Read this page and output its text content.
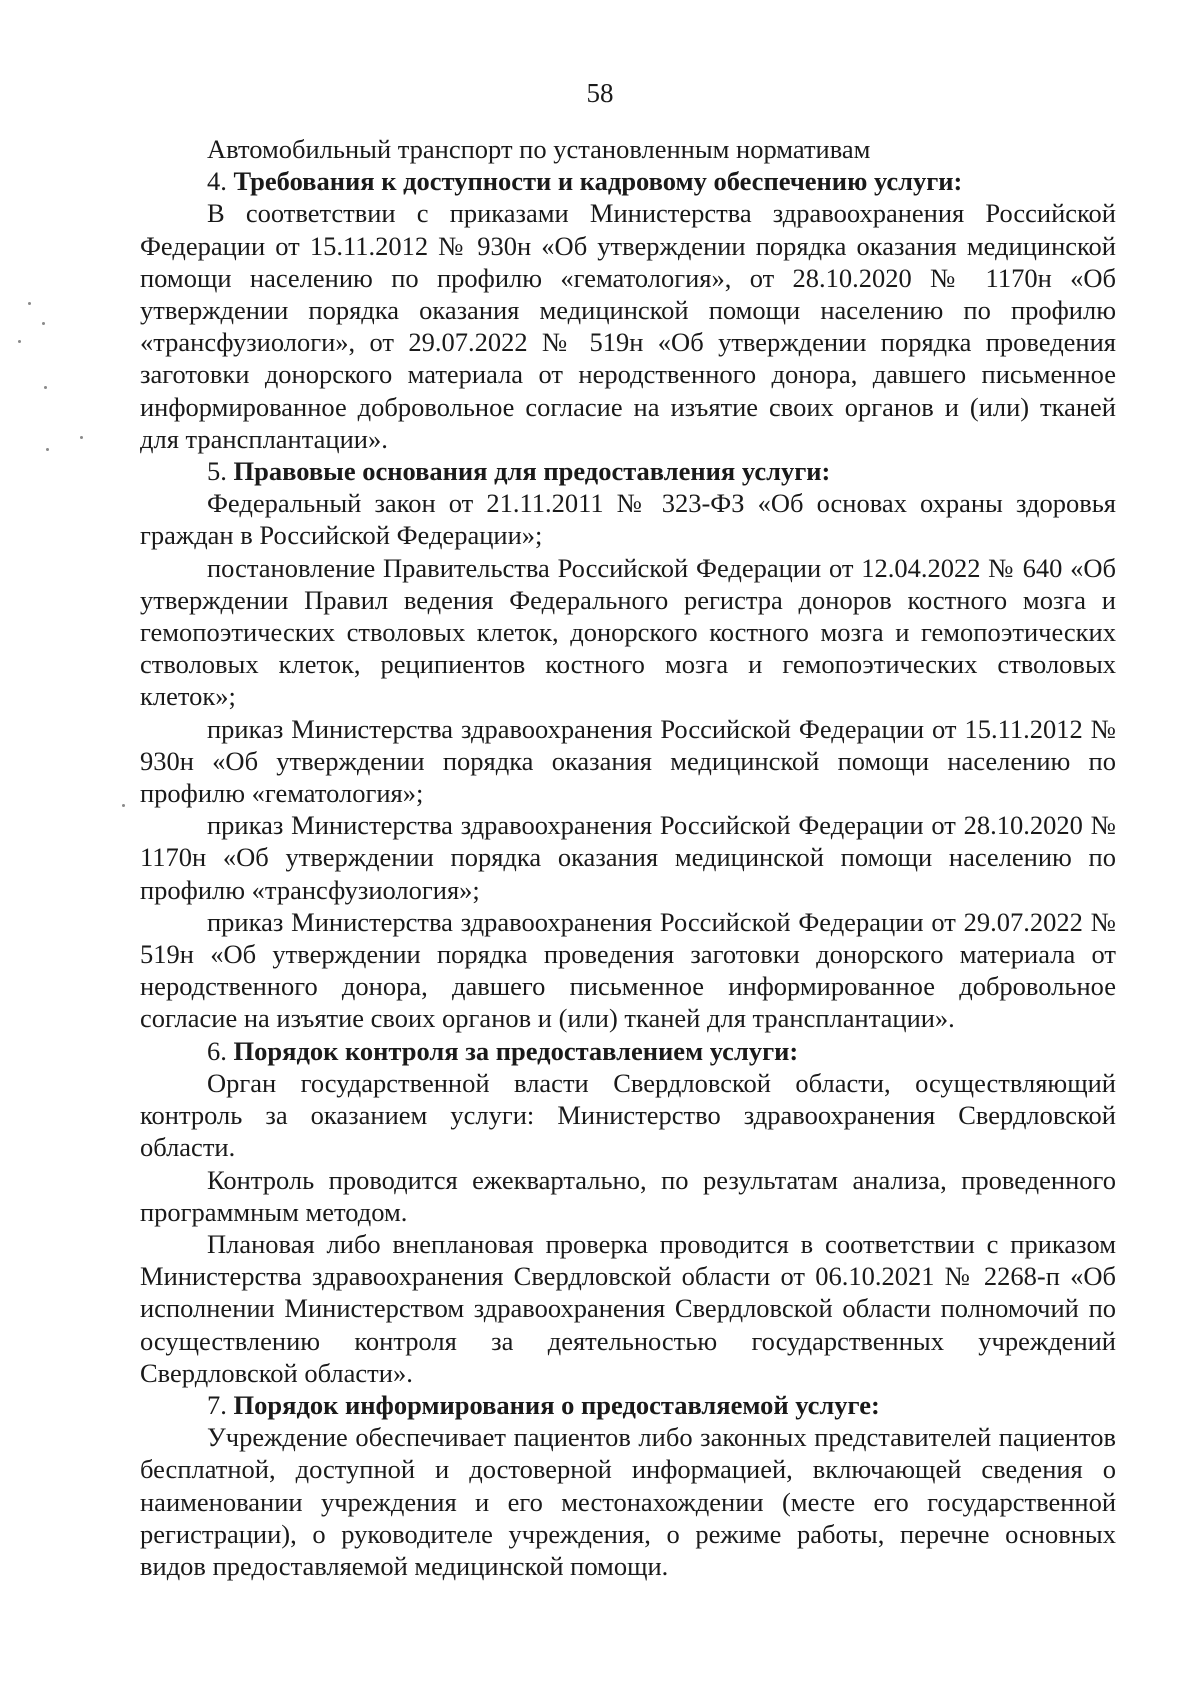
58

Автомобильный транспорт по установленным нормативам

4. Требования к доступности и кадровому обеспечению услуги:

В соответствии с приказами Министерства здравоохранения Российской Федерации от 15.11.2012 № 930н «Об утверждении порядка оказания медицинской помощи населению по профилю «гематология», от 28.10.2020 № 1170н «Об утверждении порядка оказания медицинской помощи населению по профилю «трансфузиологи», от 29.07.2022 № 519н «Об утверждении порядка проведения заготовки донорского материала от неродственного донора, давшего письменное информированное добровольное согласие на изъятие своих органов и (или) тканей для трансплантации».

5. Правовые основания для предоставления услуги:

Федеральный закон от 21.11.2011 № 323-ФЗ «Об основах охраны здоровья граждан в Российской Федерации»;

постановление Правительства Российской Федерации от 12.04.2022 № 640 «Об утверждении Правил ведения Федерального регистра доноров костного мозга и гемопоэтических стволовых клеток, донорского костного мозга и гемопоэтических стволовых клеток, реципиентов костного мозга и гемопоэтических стволовых клеток»;

приказ Министерства здравоохранения Российской Федерации от 15.11.2012 № 930н «Об утверждении порядка оказания медицинской помощи населению по профилю «гематология»;

приказ Министерства здравоохранения Российской Федерации от 28.10.2020 № 1170н «Об утверждении порядка оказания медицинской помощи населению по профилю «трансфузиология»;

приказ Министерства здравоохранения Российской Федерации от 29.07.2022 № 519н «Об утверждении порядка проведения заготовки донорского материала от неродственного донора, давшего письменное информированное добровольное согласие на изъятие своих органов и (или) тканей для трансплантации».

6. Порядок контроля за предоставлением услуги:

Орган государственной власти Свердловской области, осуществляющий контроль за оказанием услуги: Министерство здравоохранения Свердловской области.

Контроль проводится ежеквартально, по результатам анализа, проведенного программным методом.

Плановая либо внеплановая проверка проводится в соответствии с приказом Министерства здравоохранения Свердловской области от 06.10.2021 № 2268-п «Об исполнении Министерством здравоохранения Свердловской области полномочий по осуществлению контроля за деятельностью государственных учреждений Свердловской области».

7. Порядок информирования о предоставляемой услуге:

Учреждение обеспечивает пациентов либо законных представителей пациентов бесплатной, доступной и достоверной информацией, включающей сведения о наименовании учреждения и его местонахождении (месте его государственной регистрации), о руководителе учреждения, о режиме работы, перечне основных видов предоставляемой медицинской помощи.
